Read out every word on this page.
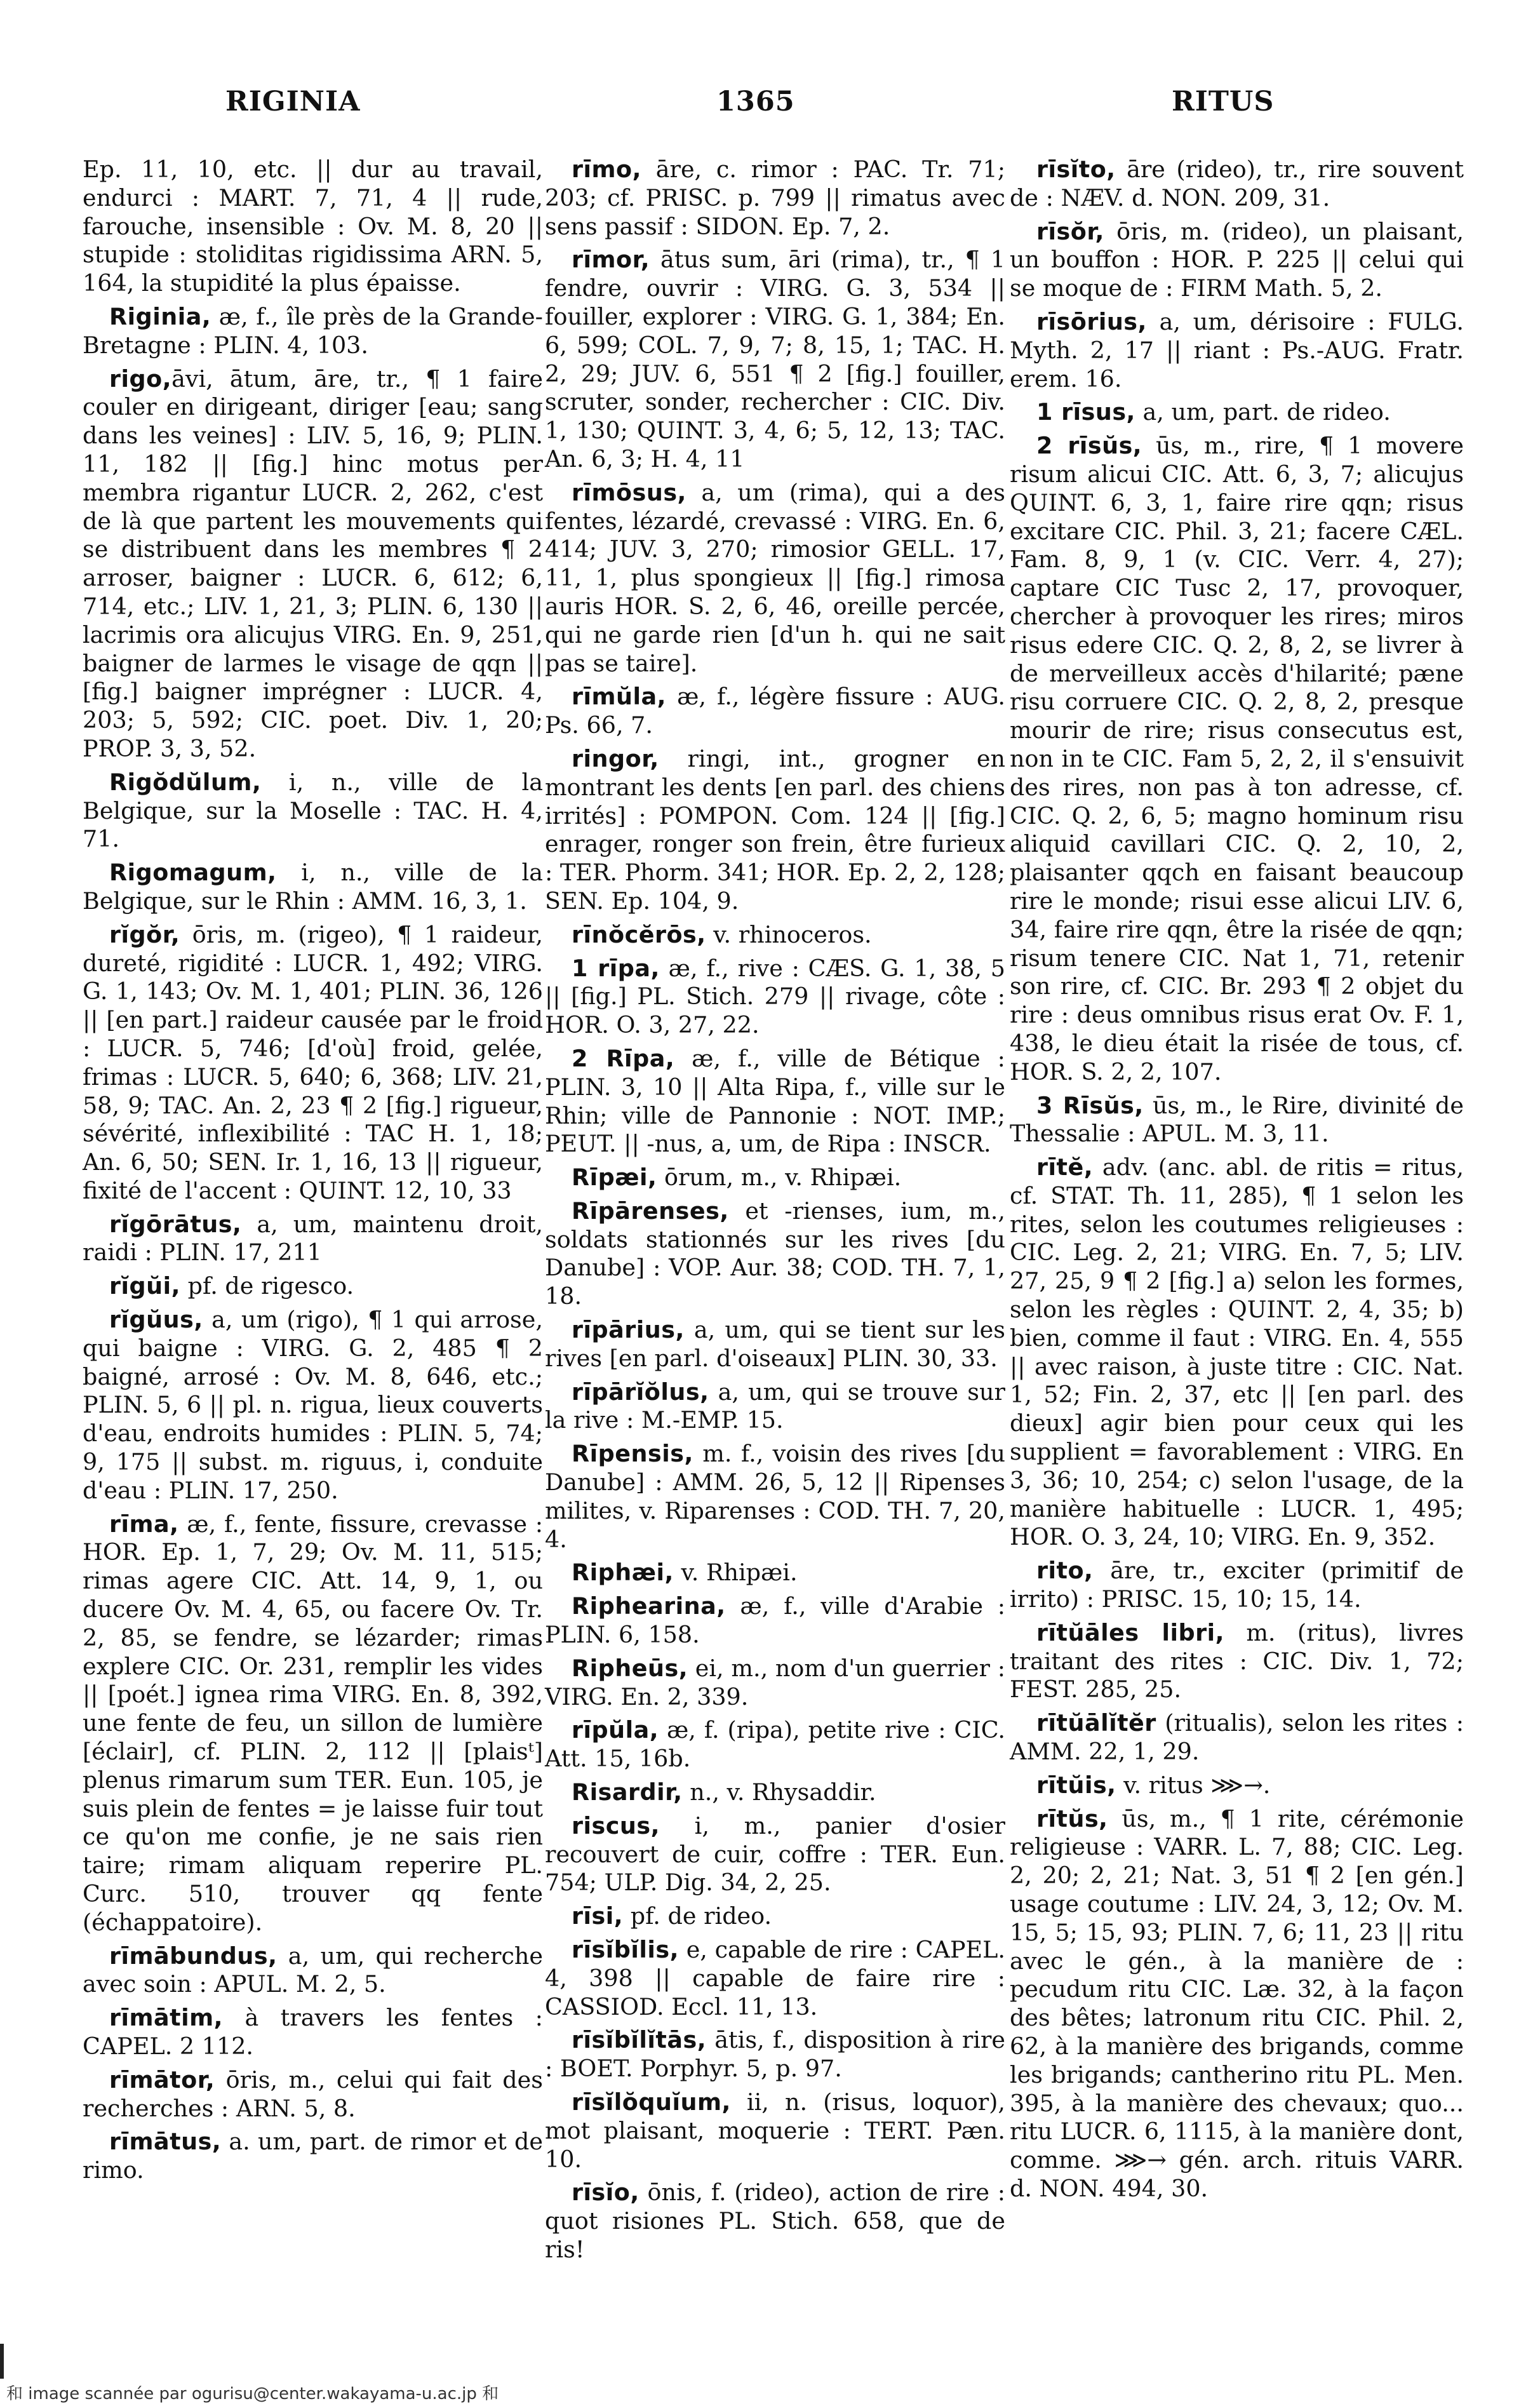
RIGINIA	1365	RITUS

Ep. 11, 10, etc. || dur au travail, endurci : MART. 7, 71, 4 || rude, farouche, insensible : Ov. M. 8, 20 || stupide : stoliditas rigidissima ARN. 5, 164, la stupidité la plus épaisse.

Riginia, æ, f., île près de la Grande-Bretagne : PLIN. 4, 103.

rigo,āvi, ātum, āre, tr., ¶ 1 faire couler en dirigeant, diriger [eau; sang dans les veines] : LIV. 5, 16, 9; PLIN. 11, 182 || [fig.] hinc motus per membra rigantur LUCR. 2, 262, c'est de là que partent les mouvements qui se distribuent dans les membres ¶ 2 arroser, baigner : LUCR. 6, 612; 6, 714, etc.; LIV. 1, 21, 3; PLIN. 6, 130 || lacrimis ora alicujus VIRG. En. 9, 251, baigner de larmes le visage de qqn || [fig.] baigner imprégner : LUCR. 4, 203; 5, 592; CIC. poet. Div. 1, 20; PROP. 3, 3, 52.

Rigŏdŭlum, i, n., ville de la Belgique, sur la Moselle : TAC. H. 4, 71.

Rigomagum, i, n., ville de la Belgique, sur le Rhin : AMM. 16, 3, 1.

rĭgŏr, ōris, m. (rigeo), ¶ 1 raideur, dureté, rigidité : LUCR. 1, 492; VIRG. G. 1, 143; Ov. M. 1, 401; PLIN. 36, 126 || [en part.] raideur causée par le froid : LUCR. 5, 746; [d'où] froid, gelée, frimas : LUCR. 5, 640; 6, 368; LIV. 21, 58, 9; TAC. An. 2, 23 ¶ 2 [fig.] rigueur, sévérité, inflexibilité : TAC H. 1, 18; An. 6, 50; SEN. Ir. 1, 16, 13 || rigueur, fixité de l'accent : QUINT. 12, 10, 33

rĭgōrātus, a, um, maintenu droit, raidi : PLIN. 17, 211

rĭgŭi, pf. de rigesco.

rĭgŭus, a, um (rigo), ¶ 1 qui arrose, qui baigne : VIRG. G. 2, 485 ¶ 2 baigné, arrosé : Ov. M. 8, 646, etc.; PLIN. 5, 6 || pl. n. rigua, lieux couverts d'eau, endroits humides : PLIN. 5, 74; 9, 175 || subst. m. riguus, i, conduite d'eau : PLIN. 17, 250.

rīma, æ, f., fente, fissure, crevasse : HOR. Ep. 1, 7, 29; Ov. M. 11, 515; rimas agere CIC. Att. 14, 9, 1, ou ducere Ov. M. 4, 65, ou facere Ov. Tr. 2, 85, se fendre, se lézarder; rimas explere CIC. Or. 231, remplir les vides || [poét.] ignea rima VIRG. En. 8, 392, une fente de feu, un sillon de lumière [éclair], cf. PLIN. 2, 112 || [plaisᵗ] plenus rimarum sum TER. Eun. 105, je suis plein de fentes = je laisse fuir tout ce qu'on me confie, je ne sais rien taire; rimam aliquam reperire PL. Curc. 510, trouver qq fente (échappatoire).

rīmābundus, a, um, qui recherche avec soin : APUL. M. 2, 5.

rīmātim, à travers les fentes : CAPEL. 2 112.

rīmātor, ōris, m., celui qui fait des recherches : ARN. 5, 8.

rīmātus, a. um, part. de rimor et de rimo.

rīmo, āre, c. rimor : PAC. Tr. 71; 203; cf. PRISC. p. 799 || rimatus avec sens passif : SIDON. Ep. 7, 2.

rīmor, ātus sum, āri (rima), tr., ¶ 1 fendre, ouvrir : VIRG. G. 3, 534 || fouiller, explorer : VIRG. G. 1, 384; En. 6, 599; COL. 7, 9, 7; 8, 15, 1; TAC. H. 2, 29; JUV. 6, 551 ¶ 2 [fig.] fouiller, scruter, sonder, rechercher : CIC. Div. 1, 130; QUINT. 3, 4, 6; 5, 12, 13; TAC. An. 6, 3; H. 4, 11

rīmōsus, a, um (rima), qui a des fentes, lézardé, crevassé : VIRG. En. 6, 414; JUV. 3, 270; rimosior GELL. 17, 11, 1, plus spongieux || [fig.] rimosa auris HOR. S. 2, 6, 46, oreille percée, qui ne garde rien [d'un h. qui ne sait pas se taire].

rīmŭla, æ, f., légère fissure : AUG. Ps. 66, 7.

ringor, ringi, int., grogner en montrant les dents [en parl. des chiens irrités] : POMPON. Com. 124 || [fig.] enrager, ronger son frein, être furieux : TER. Phorm. 341; HOR. Ep. 2, 2, 128; SEN. Ep. 104, 9.

rīnŏcĕrōs, v. rhinoceros.

1 rīpa, æ, f., rive : CÆS. G. 1, 38, 5 || [fig.] PL. Stich. 279 || rivage, côte : HOR. O. 3, 27, 22.

2 Rīpa, æ, f., ville de Bétique : PLIN. 3, 10 || Alta Ripa, f., ville sur le Rhin; ville de Pannonie : NOT. IMP.; PEUT. || -nus, a, um, de Ripa : INSCR.

Rīpæi, ōrum, m., v. Rhipæi.

Rīpārenses, et -rienses, ium, m., soldats stationnés sur les rives [du Danube] : VOP. Aur. 38; COD. TH. 7, 1, 18.

rīpārius, a, um, qui se tient sur les rives [en parl. d'oiseaux] PLIN. 30, 33.

rīpārĭŏlus, a, um, qui se trouve sur la rive : M.-EMP. 15.

Rīpensis, m. f., voisin des rives [du Danube] : AMM. 26, 5, 12 || Ripenses milites, v. Riparenses : COD. TH. 7, 20, 4.

Riphæi, v. Rhipæi.

Riphearina, æ, f., ville d'Arabie : PLIN. 6, 158.

Ripheūs, ei, m., nom d'un guerrier : VIRG. En. 2, 339.

rīpŭla, æ, f. (ripa), petite rive : CIC. Att. 15, 16b.

Risardir, n., v. Rhysaddir.

riscus, i, m., panier d'osier recouvert de cuir, coffre : TER. Eun. 754; ULP. Dig. 34, 2, 25.

rīsi, pf. de rideo.

rīsĭbĭlis, e, capable de rire : CAPEL. 4, 398 || capable de faire rire : CASSIOD. Eccl. 11, 13.

rīsĭbĭlĭtās, ātis, f., disposition à rire : BOET. Porphyr. 5, p. 97.

rīsĭlŏquĭum, ii, n. (risus, loquor), mot plaisant, moquerie : TERT. Pæn. 10.

rīsĭo, ōnis, f. (rideo), action de rire : quot risiones PL. Stich. 658, que de ris!

rīsĭto, āre (rideo), tr., rire souvent de : NÆV. d. NON. 209, 31.

rīsŏr, ōris, m. (rideo), un plaisant, un bouffon : HOR. P. 225 || celui qui se moque de : FIRM Math. 5, 2.

rīsōrius, a, um, dérisoire : FULG. Myth. 2, 17 || riant : Ps.-AUG. Fratr. erem. 16.

1 rīsus, a, um, part. de rideo.

2 rīsŭs, ūs, m., rire, ¶ 1 movere risum alicui CIC. Att. 6, 3, 7; alicujus QUINT. 6, 3, 1, faire rire qqn; risus excitare CIC. Phil. 3, 21; facere CÆL. Fam. 8, 9, 1 (v. CIC. Verr. 4, 27); captare CIC Tusc 2, 17, provoquer, chercher à provoquer les rires; miros risus edere CIC. Q. 2, 8, 2, se livrer à de merveilleux accès d'hilarité; pæne risu corruere CIC. Q. 2, 8, 2, presque mourir de rire; risus consecutus est, non in te CIC. Fam 5, 2, 2, il s'ensuivit des rires, non pas à ton adresse, cf. CIC. Q. 2, 6, 5; magno hominum risu aliquid cavillari CIC. Q. 2, 10, 2, plaisanter qqch en faisant beaucoup rire le monde; risui esse alicui LIV. 6, 34, faire rire qqn, être la risée de qqn; risum tenere CIC. Nat 1, 71, retenir son rire, cf. CIC. Br. 293 ¶ 2 objet du rire : deus omnibus risus erat Ov. F. 1, 438, le dieu était la risée de tous, cf. HOR. S. 2, 2, 107.

3 Rīsŭs, ūs, m., le Rire, divinité de Thessalie : APUL. M. 3, 11.

rītĕ, adv. (anc. abl. de ritis = ritus, cf. STAT. Th. 11, 285), ¶ 1 selon les rites, selon les coutumes religieuses : CIC. Leg. 2, 21; VIRG. En. 7, 5; LIV. 27, 25, 9 ¶ 2 [fig.] a) selon les formes, selon les règles : QUINT. 2, 4, 35; b) bien, comme il faut : VIRG. En. 4, 555 || avec raison, à juste titre : CIC. Nat. 1, 52; Fin. 2, 37, etc || [en parl. des dieux] agir bien pour ceux qui les supplient = favorablement : VIRG. En 3, 36; 10, 254; c) selon l'usage, de la manière habituelle : LUCR. 1, 495; HOR. O. 3, 24, 10; VIRG. En. 9, 352.

rito, āre, tr., exciter (primitif de irrito) : PRISC. 15, 10; 15, 14.

rītŭāles libri, m. (ritus), livres traitant des rites : CIC. Div. 1, 72; FEST. 285, 25.

rītŭālĭtĕr (ritualis), selon les rites : AMM. 22, 1, 29.

rītŭis, v. ritus ⋙→.

rītŭs, ūs, m., ¶ 1 rite, cérémonie religieuse : VARR. L. 7, 88; CIC. Leg. 2, 20; 2, 21; Nat. 3, 51 ¶ 2 [en gén.] usage coutume : LIV. 24, 3, 12; Ov. M. 15, 5; 15, 93; PLIN. 7, 6; 11, 23 || ritu avec le gén., à la manière de : pecudum ritu CIC. Læ. 32, à la façon des bêtes; latronum ritu CIC. Phil. 2, 62, à la manière des brigands, comme les brigands; cantherino ritu PL. Men. 395, à la manière des chevaux; quo... ritu LUCR. 6, 1115, à la manière dont, comme. ⋙→ gén. arch. rituis VARR. d. NON. 494, 30.

和 image scannée par ogurisu@center.wakayama-u.ac.jp 和
